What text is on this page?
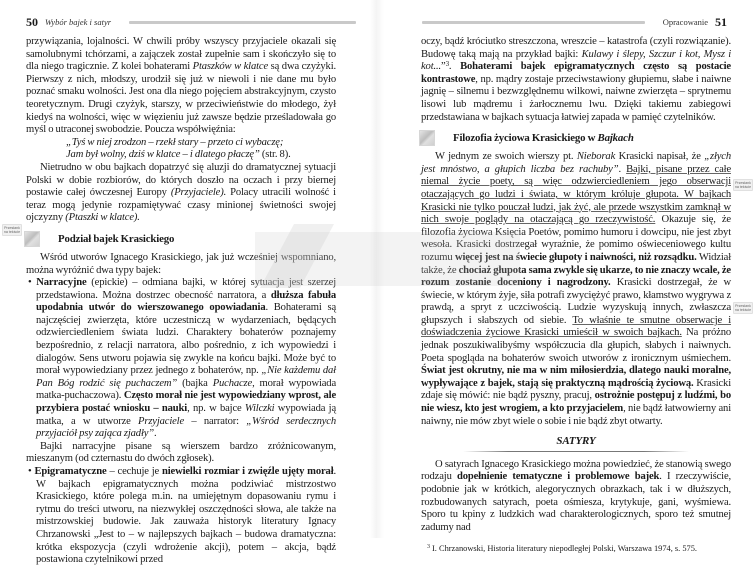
50 Wybór bajek i satyr

przywiązania, lojalności. W chwili próby wszyscy przyjaciele okazali się samolubnymi tchórzami, a zajączek został zupełnie sam i skończyło się to dla niego tragicznie. Z kolei bohaterami Ptaszków w klatce są dwa czyżyki. Pierwszy z nich, młodszy, urodził się już w niewoli i nie dane mu było poznać smaku wolności. Jest ona dla niego pojęciem abstrakcyjnym, czysto teoretycznym. Drugi czyżyk, starszy, w przeciwieństwie do młodego, żył kiedyś na wolności, więc w więzieniu już zawsze będzie prześladowała go myśl o utraconej swobodzie. Poucza współwięźnia:

„Tyś w niej zrodzon – rzekł stary – przeto ci wybaczę;
Jam był wolny, dziś w klatce – i dlatego płaczę” (str. 8).

Nietrudno w obu bajkach dopatrzyć się aluzji do dramatycznej sytuacji Polski w dobie rozbiorów, do których doszło na oczach i przy biernej postawie całej ówczesnej Europy (Przyjaciele). Polacy utracili wolność i teraz mogą jedynie rozpamiętywać czasy minionej świetności swojej ojczyzny (Ptaszki w klatce).

Podział bajek Krasickiego

Wśród utworów Ignacego Krasickiego, jak już wcześniej wspomniano, można wyróżnić dwa typy bajek:

• Narracyjne (epickie) – odmiana bajki, w której sytuacja jest szerzej przedstawiona. Można dostrzec obecność narratora, a dłuższa fabuła upodabnia utwór do wierszowanego opowiadania. Bohaterami są najczęściej zwierzęta, które uczestniczą w wydarzeniach, będących odzwierciedleniem świata ludzi. Charaktery bohaterów poznajemy bezpośrednio, z relacji narratora, albo pośrednio, z ich wypowiedzi i dialogów. Sens utworu pojawia się zwykle na końcu bajki. Może być to morał wypowiedziany przez jednego z bohaterów, np. „Nie każdemu dał Pan Bóg rodzić się puchaczem” (bajka Puchacze, morał wypowiada matka-puchaczowa). Często morał nie jest wypowiedziany wprost, ale przybiera postać wniosku – nauki, np. w bajce Wilczki wypowiada ją matka, a w utworze Przyjaciele – narrator: „Wśród serdecznych przyjaciół psy zająca zjadły”.

Bajki narracyjne pisane są wierszem bardzo zróżnicowanym, mieszanym (od czternastu do dwóch zgłosek).

• Epigramatyczne – cechuje je niewielki rozmiar i zwięźle ujęty morał. W bajkach epigramatycznych można podziwiać mistrzostwo Krasickiego, które polega m.in. na umiejętnym dopasowaniu rymu i rytmu do treści utworu, na niezwykłej oszczędności słowa, ale także na mistrzowskiej budowie. Jak zauważa historyk literatury Ignacy Chrzanowski „Jest to – w najlepszych bajkach – budowa dramatyczna: krótka ekspozycja (czyli wdrożenie akcji), potem – akcja, bądź postawiona czytelnikowi przed

Przesłank na tekście
Opracowanie 51

oczy, bądź króciutko streszczona, wreszcie – katastrofa (czyli rozwiązanie). Budowę taką mają na przykład bajki: Kulawy i ślepy, Szczur i kot, Mysz i kot...”$^3$. Bohaterami bajek epigramatycznych często są postacie kontrastowe, np. mądry zostaje przeciwstawiony głupiemu, słabe i naiwne jagnię – silnemu i bezwzględnemu wilkowi, naiwne zwierzęta – sprytnemu lisowi lub mądremu i żarłocznemu lwu. Dzięki takiemu zabiegowi przedstawiana w bajkach sytuacja łatwiej zapada w pamięć czytelników.

Filozofia życiowa Krasickiego w Bajkach

W jednym ze swoich wierszy pt. Nieborak Krasicki napisał, że „złych jest mnóstwo, a głupich liczba bez rachuby”. Bajki, pisane przez całe niemal życie poety, są więc odzwierciedleniem jego obserwacji otaczających go ludzi i świata, w którym króluje głupota. W bajkach Krasicki nie tylko pouczał ludzi, jak żyć, ale przede wszystkim zamknął w nich swoje poglądy na otaczającą go rzeczywistość. Okazuje się, że filozofia życiowa Księcia Poetów, pomimo humoru i dowcipu, nie jest zbyt wesoła. Krasicki dostrzegał wyraźnie, że pomimo oświeceniowego kultu rozumu więcej jest na świecie głupoty i naiwności, niż rozsądku. Widział także, że chociaż głupota sama zwykle się ukarze, to nie znaczy wcale, że rozum zostanie doceniony i nagrodzony. Krasicki dostrzegał, że w świecie, w którym żyje, siła potrafi zwyciężyć prawo, kłamstwo wygrywa z prawdą, a spryt z uczciwością. Ludzie wyzyskują innych, zwłaszcza głupszych i słabszych od siebie. To właśnie te smutne obserwacje i doświadczenia życiowe Krasicki umieścił w swoich bajkach. Na próżno jednak poszukiwalibyśmy współczucia dla głupich, słabych i naiwnych. Poeta spogląda na bohaterów swoich utworów z ironicznym uśmiechem. Świat jest okrutny, nie ma w nim miłosierdzia, dlatego nauki moralne, wypływające z bajek, stają się praktyczną mądrością życiową. Krasicki zdaje się mówić: nie bądź pyszny, pracuj, ostrożnie postępuj z ludźmi, bo nie wiesz, kto jest wrogiem, a kto przyjacielem, nie bądź łatwowierny ani naiwny, nie mów zbyt wiele o sobie i nie bądź zbyt otwarty.

SATYRY

O satyrach Ignacego Krasickiego można powiedzieć, że stanowią swego rodzaju dopełnienie tematyczne i problemowe bajek. I rzeczywiście, podobnie jak w krótkich, alegorycznych obrazkach, tak i w dłuższych, rozbudowanych satyrach, poeta ośmiesza, krytykuje, gani, wyśmiewa. Sporo tu kpiny z ludzkich wad charakterologicznych, sporo też smutnej zadumy nad

$^3$ I. Chrzanowski, Historia literatury niepodległej Polski, Warszawa 1974, s. 575.
Przesłank na tekście
Przesłank na tekście
